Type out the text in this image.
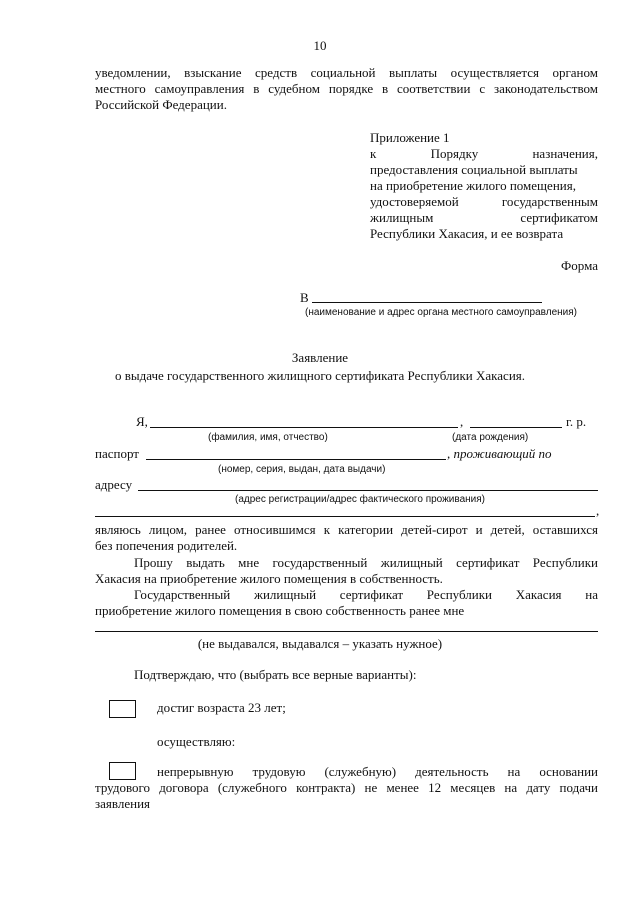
10
уведомлении, взыскание средств социальной выплаты осуществляется органом
местного самоуправления в судебном порядке в соответствии с законодательством
Российской Федерации.
Приложение 1
к Порядку назначения,
предоставления социальной выплаты
на приобретение жилого помещения,
удостоверяемой государственным
жилищным сертификатом
Республики Хакасия, и ее возврата
Форма
В
(наименование и адрес органа местного самоуправления)
Заявление
о выдаче государственного жилищного сертификата Республики Хакасия.
Я,	,	г. р.
(фамилия, имя, отчество)	(дата рождения)
паспорт	, проживающий по
(номер, серия, выдан, дата выдачи)
адресу
(адрес регистрации/адрес фактического проживания)
,
являюсь лицом, ранее относившимся к категории детей-сирот и детей, оставшихся
без попечения родителей.
Прошу выдать мне государственный жилищный сертификат Республики
Хакасия на приобретение жилого помещения в собственность.
Государственный жилищный сертификат Республики Хакасия на
приобретение жилого помещения в свою собственность ранее мне
(не выдавался, выдавался – указать нужное)
Подтверждаю, что (выбрать все верные варианты):
достиг возраста 23 лет;
осуществляю:
непрерывную трудовую (служебную) деятельность на основании
трудового договора (служебного контракта) не менее 12 месяцев на дату подачи
заявления
